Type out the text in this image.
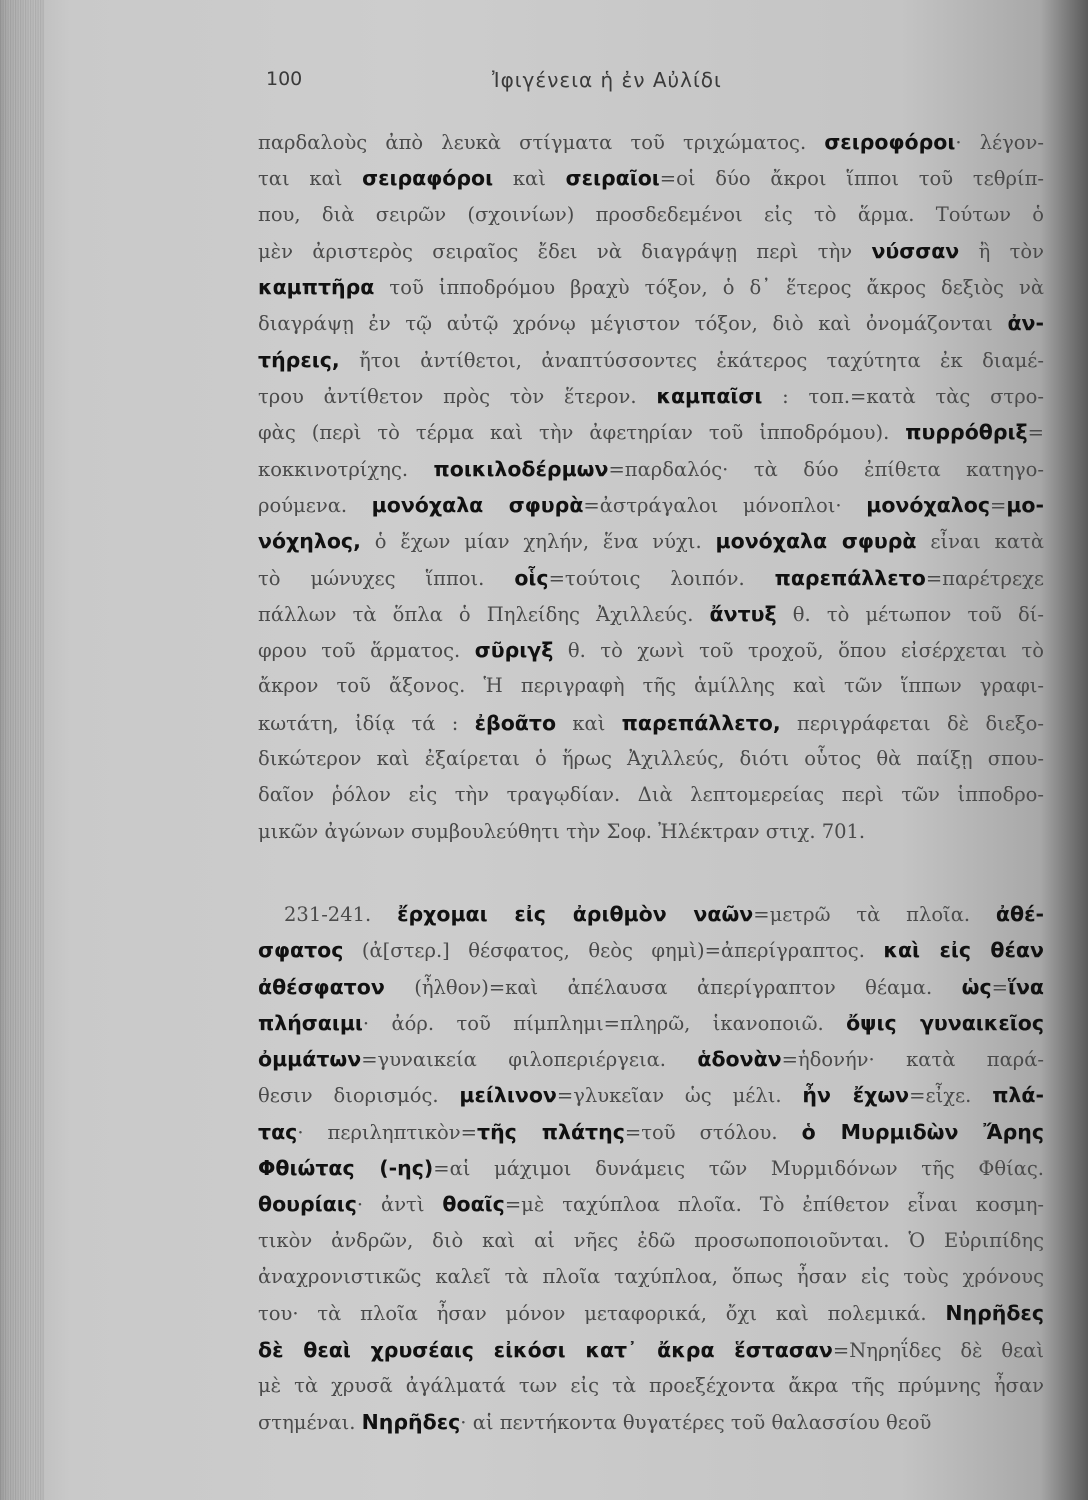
100	Ἰφιγένεια ἡ ἐν Αὐλίδι
παρδαλοὺς ἀπὸ λευκὰ στίγματα τοῦ τριχώματος. σειροφόροι· λέγον-
ται καὶ σειραφόροι καὶ σειραῖοι=οἱ δύο ἄκροι ἵπποι τοῦ τεθρίπ-
που, διὰ σειρῶν (σχοινίων) προσδεδεμένοι εἰς τὸ ἅρμα. Τούτων ὁ
μὲν ἀριστερὸς σειραῖος ἔδει νὰ διαγράψῃ περὶ τὴν νύσσαν ἢ τὸν
καμπτῆρα τοῦ ἱπποδρόμου βραχὺ τόξον, ὁ δ᾽ ἕτερος ἄκρος δεξιὸς νὰ
διαγράψῃ ἐν τῷ αὐτῷ χρόνῳ μέγιστον τόξον, διὸ καὶ ὀνομάζονται ἀν-
τήρεις, ἤτοι ἀντίθετοι, ἀναπτύσσοντες ἑκάτερος ταχύτητα ἐκ διαμέ-
τρου ἀντίθετον πρὸς τὸν ἕτερον. καμπαῖσι : τοπ.=κατὰ τὰς στρο-
φὰς (περὶ τὸ τέρμα καὶ τὴν ἀφετηρίαν τοῦ ἱπποδρόμου). πυρρόθριξ=
κοκκινοτρίχης. ποικιλοδέρμων=παρδαλός· τὰ δύο ἐπίθετα κατηγο-
ρούμενα. μονόχαλα σφυρὰ=ἀστράγαλοι μόνοπλοι· μονόχαλος=μο-
νόχηλος, ὁ ἔχων μίαν χηλήν, ἕνα νύχι. μονόχαλα σφυρὰ εἶναι κατὰ
τὸ μώνυχες ἵπποι. οἷς=τούτοις λοιπόν. παρεπάλλετο=παρέτρεχε
πάλλων τὰ ὅπλα ὁ Πηλείδης Ἀχιλλεύς. ἄντυξ θ. τὸ μέτωπον τοῦ δί-
φρου τοῦ ἅρματος. σῦριγξ θ. τὸ χωνὶ τοῦ τροχοῦ, ὅπου εἰσέρχεται τὸ
ἄκρον τοῦ ἄξονος. Ἡ περιγραφὴ τῆς ἁμίλλης καὶ τῶν ἵππων γραφι-
κωτάτη, ἰδίᾳ τά : ἐβοᾶτο καὶ παρεπάλλετο, περιγράφεται δὲ διεξο-
δικώτερον καὶ ἐξαίρεται ὁ ἥρως Ἀχιλλεύς, διότι οὗτος θὰ παίξῃ σπου-
δαῖον ῥόλον εἰς τὴν τραγῳδίαν. Διὰ λεπτομερείας περὶ τῶν ἱπποδρο-
μικῶν ἀγώνων συμβουλεύθητι τὴν Σοφ. Ἠλέκτραν στιχ. 701.
231-241. ἔρχομαι εἰς ἀριθμὸν ναῶν=μετρῶ τὰ πλοῖα. ἀθέ-
σφατος (ἀ[στερ.] θέσφατος, θεὸς φημὶ)=ἀπερίγραπτος. καὶ εἰς θέαν
ἀθέσφατον (ἦλθον)=καὶ ἀπέλαυσα ἀπερίγραπτον θέαμα. ὡς=ἵνα
πλήσαιμι· ἀόρ. τοῦ πίμπλημι=πληρῶ, ἱκανοποιῶ. ὄψις γυναικεῖος
ὀμμάτων=γυναικεία φιλοπεριέργεια. ἁδονὰν=ἡδονήν· κατὰ παρά-
θεσιν διορισμός. μείλινον=γλυκεῖαν ὡς μέλι. ἦν ἔχων=εἶχε. πλά-
τας· περιληπτικὸν=τῆς πλάτης=τοῦ στόλου. ὁ Μυρμιδὼν Ἄρης
Φθιώτας (-ης)=αἱ μάχιμοι δυνάμεις τῶν Μυρμιδόνων τῆς Φθίας.
θουρίαις· ἀντὶ θοαῖς=μὲ ταχύπλοα πλοῖα. Τὸ ἐπίθετον εἶναι κοσμη-
τικὸν ἀνδρῶν, διὸ καὶ αἱ νῆες ἐδῶ προσωποποιοῦνται. Ὁ Εὐριπίδης
ἀναχρονιστικῶς καλεῖ τὰ πλοῖα ταχύπλοα, ὅπως ἦσαν εἰς τοὺς χρόνους
του· τὰ πλοῖα ἦσαν μόνον μεταφορικά, ὄχι καὶ πολεμικά. Νηρῆδες
δὲ θεαὶ χρυσέαις εἰκόσι κατ᾽ ἄκρα ἕστασαν=Νηρηΐδες δὲ θεαὶ
μὲ τὰ χρυσᾶ ἀγάλματά των εἰς τὰ προεξέχοντα ἄκρα τῆς πρύμνης ἦσαν
στημέναι. Νηρῆδες· αἱ πεντήκοντα θυγατέρες τοῦ θαλασσίου θεοῦ
